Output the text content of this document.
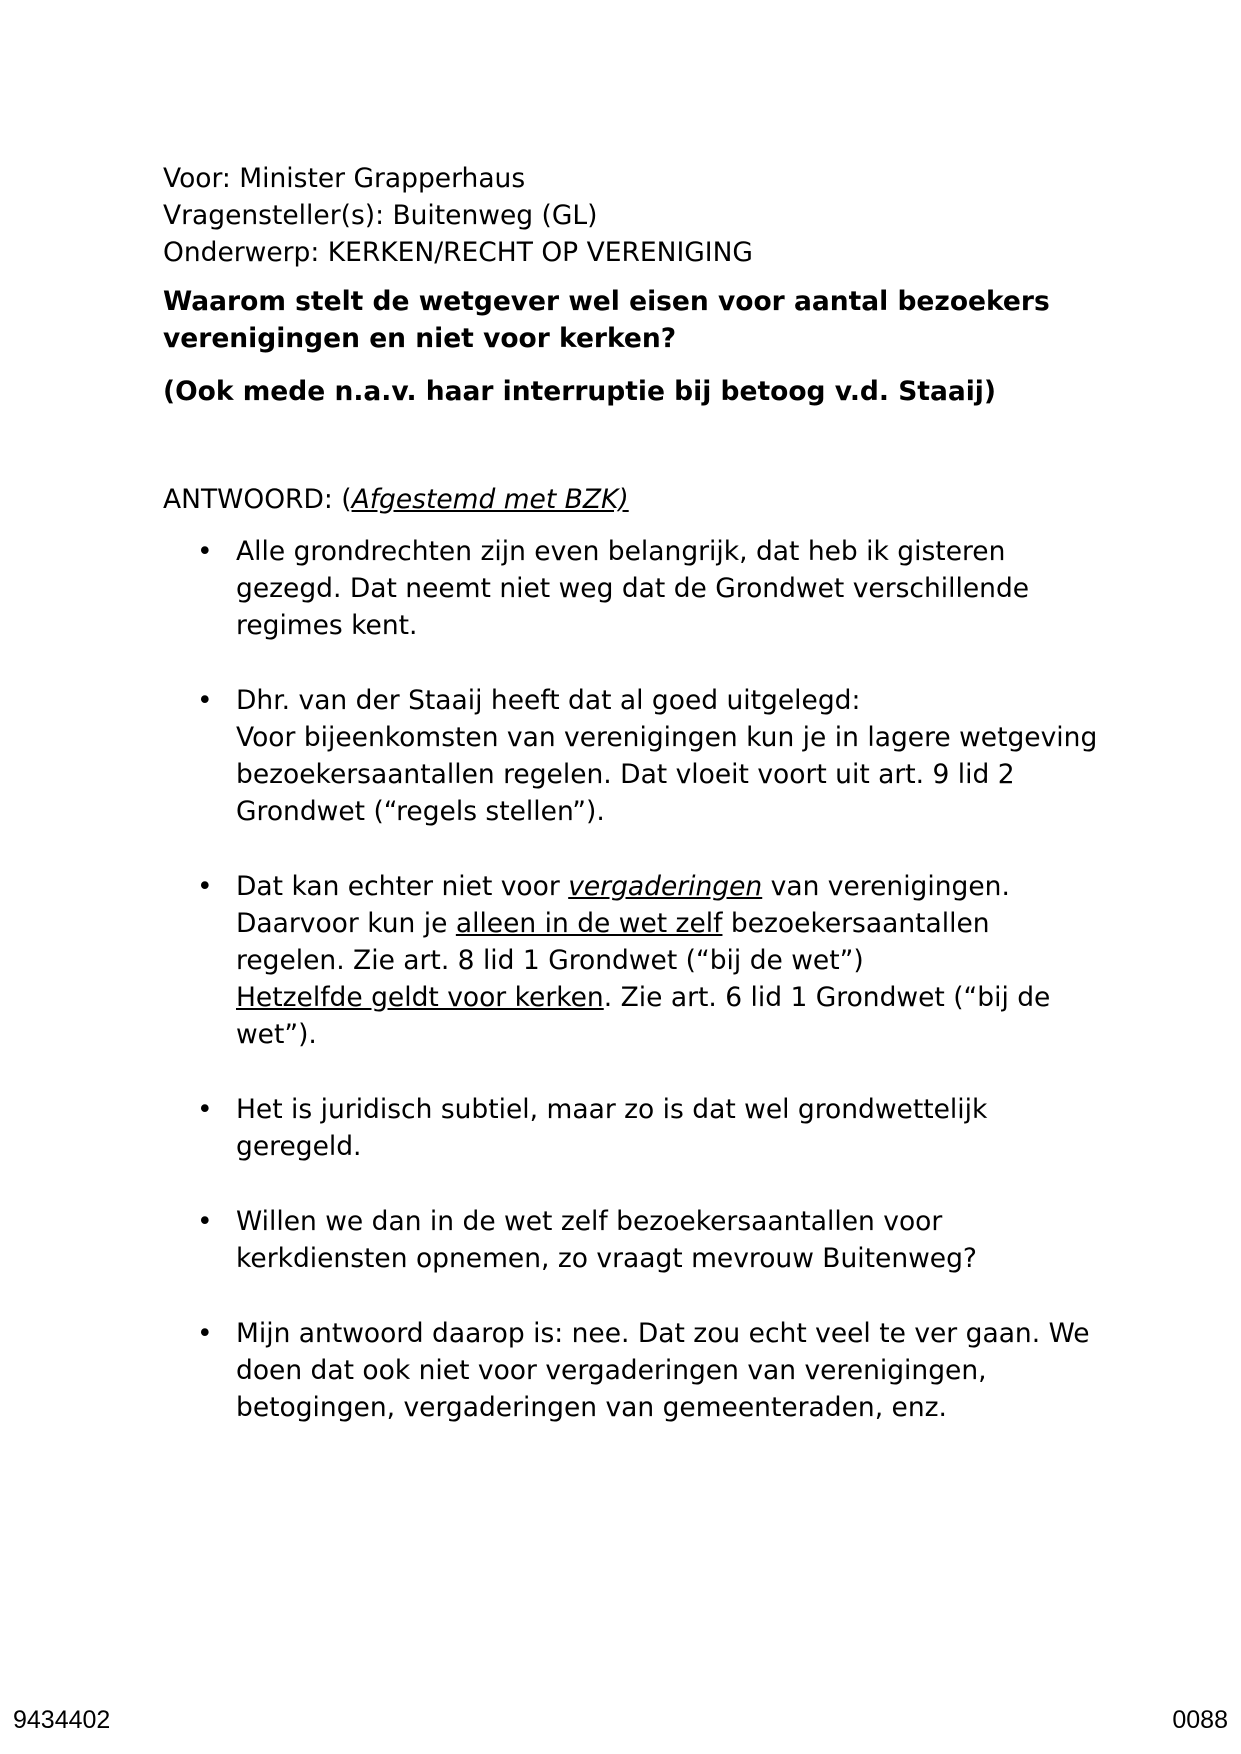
Voor: Minister Grapperhaus

Vragensteller(s): Buitenweg (GL)

Onderwerp: KERKEN/RECHT OP VERENIGING

Waarom stelt de wetgever wel eisen voor aantal bezoekers verenigingen en niet voor kerken?

(Ook mede n.a.v. haar interruptie bij betoog v.d. Staaij)

ANTWOORD: (Afgestemd met BZK)

• Alle grondrechten zijn even belangrijk, dat heb ik gisteren gezegd. Dat neemt niet weg dat de Grondwet verschillende regimes kent.
• Dhr. van der Staaij heeft dat al goed uitgelegd:
Voor bijeenkomsten van verenigingen kun je in lagere wetgeving bezoekersaantallen regelen. Dat vloeit voort uit art. 9 lid 2 Grondwet (“regels stellen”).
• Dat kan echter niet voor vergaderingen van verenigingen. Daarvoor kun je alleen in de wet zelf bezoekersaantallen regelen. Zie art. 8 lid 1 Grondwet (“bij de wet”)
Hetzelfde geldt voor kerken. Zie art. 6 lid 1 Grondwet (“bij de wet”).
• Het is juridisch subtiel, maar zo is dat wel grondwettelijk geregeld.
• Willen we dan in de wet zelf bezoekersaantallen voor kerkdiensten opnemen, zo vraagt mevrouw Buitenweg?
• Mijn antwoord daarop is: nee. Dat zou echt veel te ver gaan. We doen dat ook niet voor vergaderingen van verenigingen, betogingen, vergaderingen van gemeenteraden, enz.
9434402	0088
